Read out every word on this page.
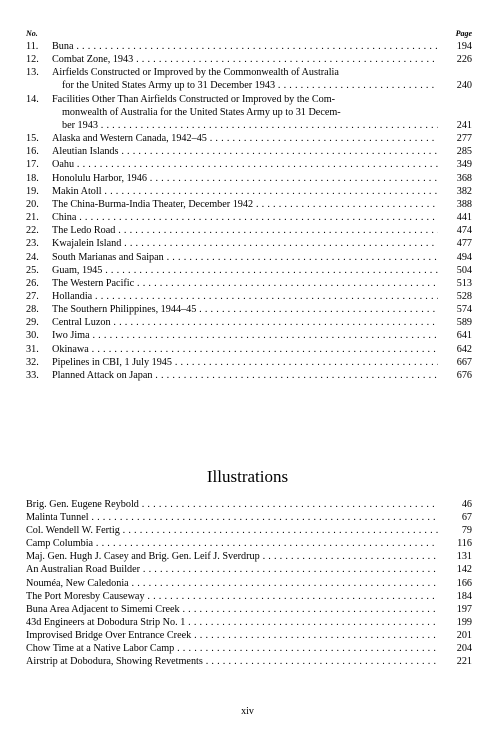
No.	Page
11.	Buna . . .	194
12.	Combat Zone, 1943 . . .	226
13.	Airfields Constructed or Improved by the Commonwealth of Australia
for the United States Army up to 31 December 1943 . . .	240
14.	Facilities Other Than Airfields Constructed or Improved by the Com-
monwealth of Australia for the United States Army up to 31 Decem-
ber 1943 . . .	241
15.	Alaska and Western Canada, 1942–45 . . .	277
16.	Aleutian Islands . . .	285
17.	Oahu . . .	349
18.	Honolulu Harbor, 1946 . . .	368
19.	Makin Atoll . . .	382
20.	The China-Burma-India Theater, December 1942 . . .	388
21.	China . . .	441
22.	The Ledo Road . . .	474
23.	Kwajalein Island . . .	477
24.	South Marianas and Saipan . . .	494
25.	Guam, 1945 . . .	504
26.	The Western Pacific . . .	513
27.	Hollandia . . .	528
28.	The Southern Philippines, 1944–45 . . .	574
29.	Central Luzon . . .	589
30.	Iwo Jima . . .	641
31.	Okinawa . . .	642
32.	Pipelines in CBI, 1 July 1945 . . .	667
33.	Planned Attack on Japan . . .	676
Illustrations
Brig. Gen. Eugene Reybold . . .	46
Malinta Tunnel . . .	67
Col. Wendell W. Fertig . . .	79
Camp Columbia . . .	116
Maj. Gen. Hugh J. Casey and Brig. Gen. Leif J. Sverdrup . . .	131
An Australian Road Builder . . .	142
Nouméa, New Caledonia . . .	166
The Port Moresby Causeway . . .	184
Buna Area Adjacent to Simemi Creek . . .	197
43d Engineers at Dobodura Strip No. 1 . . .	199
Improvised Bridge Over Entrance Creek . . .	201
Chow Time at a Native Labor Camp . . .	204
Airstrip at Dobodura, Showing Revetments . . .	221
xiv
